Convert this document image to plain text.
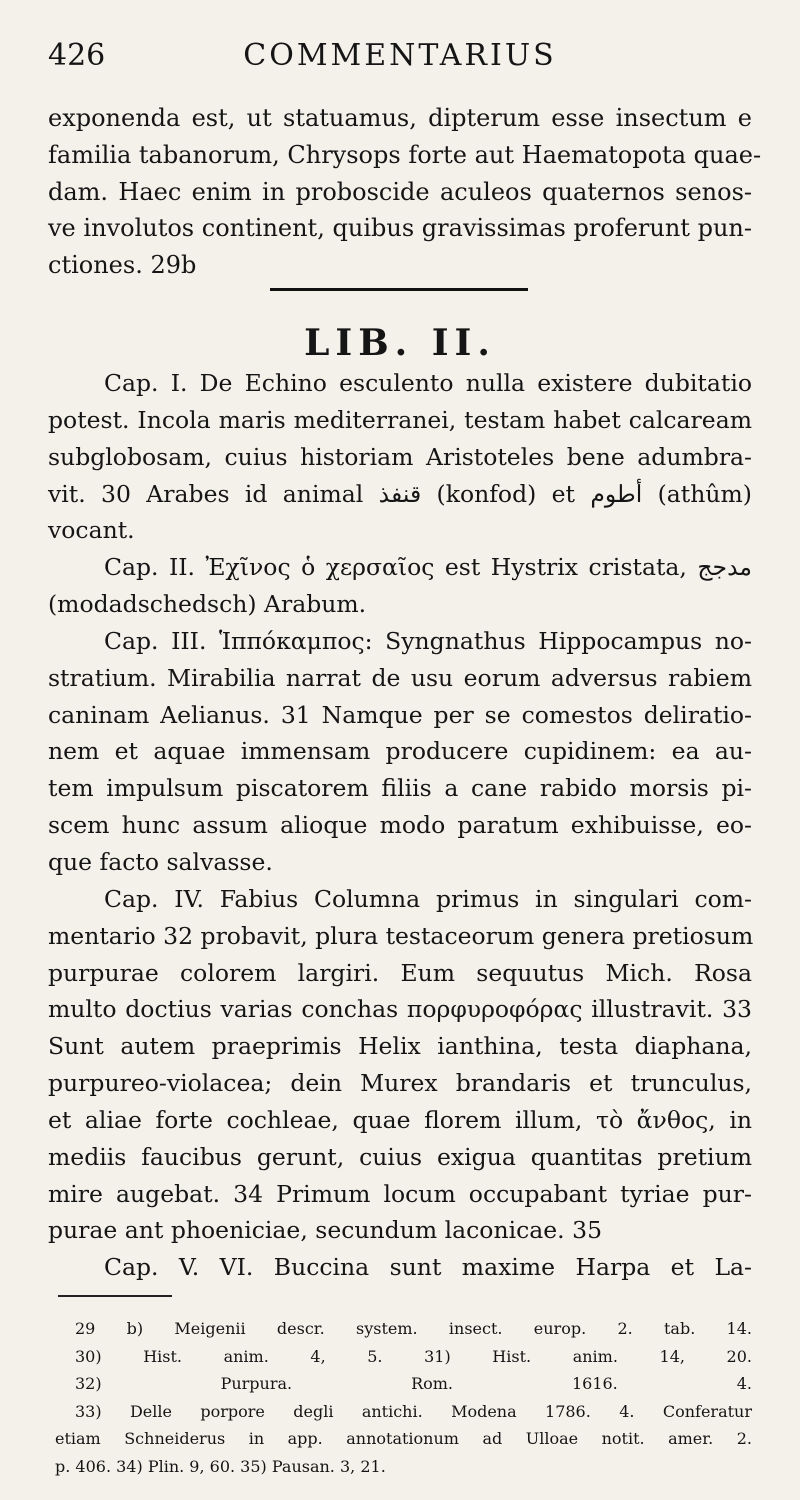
426	COMMENTARIUS
exponenda est, ut statuamus, dipterum esse insectum e
familia tabanorum, Chrysops forte aut Haematopota quae-
dam. Haec enim in proboscide aculeos quaternos senos-
ve involutos continent, quibus gravissimas proferunt pun-
ctiones. 29b
LIB. II.
Cap. I. De Echino esculento nulla existere dubitatio
potest. Incola maris mediterranei, testam habet calcaream
subglobosam, cuius historiam Aristoteles bene adumbra-
vit. 30 Arabes id animal قنفذ (konfod) et أطوم (athûm)
vocant.
Cap. II. Ἐχῖνος ὁ χερσαῖος est Hystrix cristata, مدجج
(modadschedsch) Arabum.
Cap. III. Ἱππόκαμπος: Syngnathus Hippocampus no-
stratium. Mirabilia narrat de usu eorum adversus rabiem
caninam Aelianus. 31 Namque per se comestos deliratio-
nem et aquae immensam producere cupidinem: ea au-
tem impulsum piscatorem filiis a cane rabido morsis pi-
scem hunc assum alioque modo paratum exhibuisse, eo-
que facto salvasse.
Cap. IV. Fabius Columna primus in singulari com-
mentario 32 probavit, plura testaceorum genera pretiosum
purpurae colorem largiri. Eum sequutus Mich. Rosa
multo doctius varias conchas πορφυροφόρας illustravit. 33
Sunt autem praeprimis Helix ianthina, testa diaphana,
purpureo-violacea; dein Murex brandaris et trunculus,
et aliae forte cochleae, quae florem illum, τὸ ἄνθος, in
mediis faucibus gerunt, cuius exigua quantitas pretium
mire augebat. 34 Primum locum occupabant tyriae pur-
purae ant phoeniciae, secundum laconicae. 35
Cap. V. VI. Buccina sunt maxime Harpa et La-
29 b) Meigenii descr. system. insect. europ. 2. tab. 14.
30) Hist. anim. 4, 5. 31) Hist. anim. 14, 20.
32) Purpura. Rom. 1616. 4.
33) Delle porpore degli antichi. Modena 1786. 4. Conferatur
etiam Schneiderus in app. annotationum ad Ulloae notit. amer. 2.
p. 406. 34) Plin. 9, 60. 35) Pausan. 3, 21.
